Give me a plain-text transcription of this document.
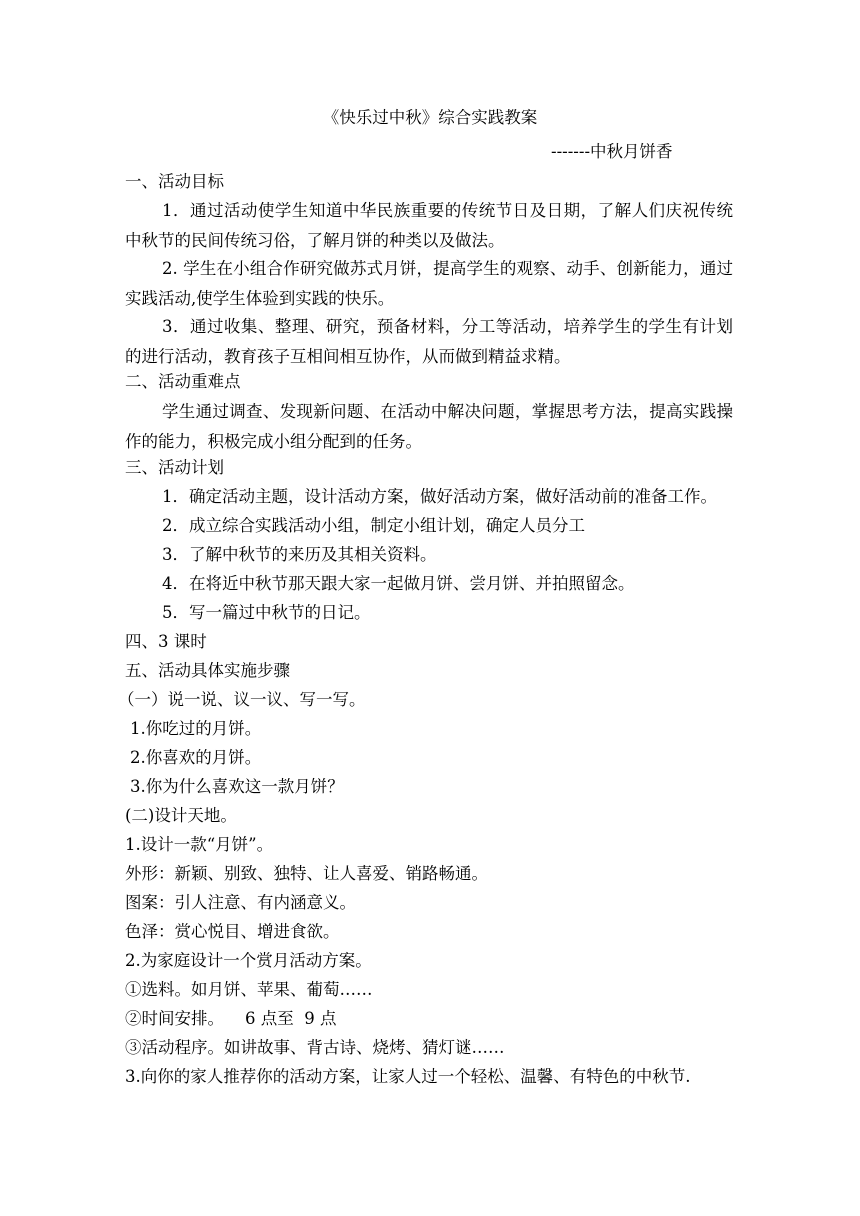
《快乐过中秋》综合实践教案
-------中秋月饼香
一、活动目标
1．通过活动使学生知道中华民族重要的传统节日及日期，了解人们庆祝传统中秋节的民间传统习俗，了解月饼的种类以及做法。
2. 学生在小组合作研究做苏式月饼，提高学生的观察、动手、创新能力，通过实践活动,使学生体验到实践的快乐。
3．通过收集、整理、研究，预备材料，分工等活动，培养学生的学生有计划的进行活动，教育孩子互相间相互协作，从而做到精益求精。
二、活动重难点
学生通过调查、发现新问题、在活动中解决问题，掌握思考方法，提高实践操作的能力，积极完成小组分配到的任务。
三、活动计划
1．确定活动主题，设计活动方案，做好活动方案，做好活动前的准备工作。
2．成立综合实践活动小组，制定小组计划，确定人员分工
3．了解中秋节的来历及其相关资料。
4．在将近中秋节那天跟大家一起做月饼、尝月饼、并拍照留念。
5．写一篇过中秋节的日记。
四、3 课时
五、活动具体实施步骤
（一）说一说、议一议、写一写。
1.你吃过的月饼。
2.你喜欢的月饼。
3.你为什么喜欢这一款月饼？
(二)设计天地。
1.设计一款“月饼”。
外形：新颖、别致、独特、让人喜爱、销路畅通。
图案：引人注意、有内涵意义。
色泽：赏心悦目、增进食欲。
2.为家庭设计一个赏月活动方案。
①选料。如月饼、苹果、葡萄……
②时间安排。    6 点至  9 点
③活动程序。如讲故事、背古诗、烧烤、猜灯谜……
3.向你的家人推荐你的活动方案，让家人过一个轻松、温馨、有特色的中秋节.
